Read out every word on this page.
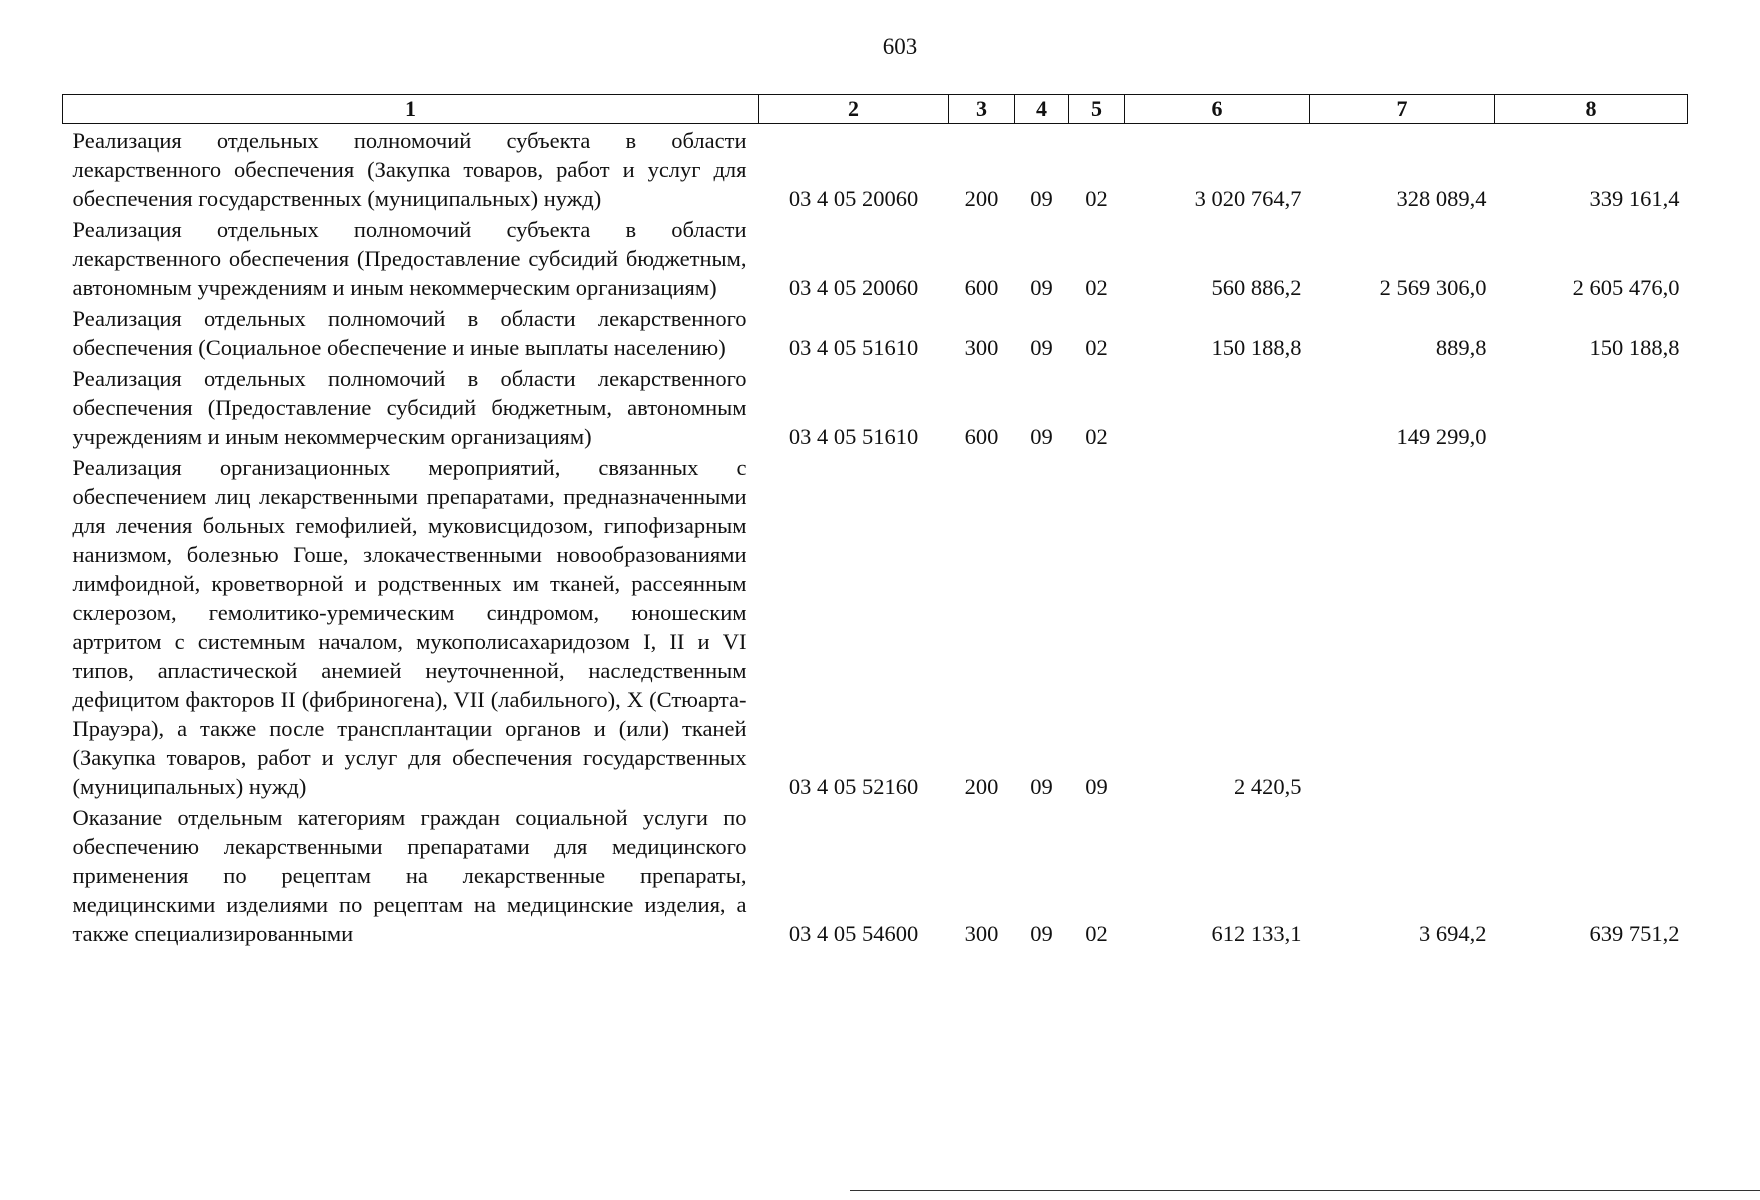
603
1	2	3	4	5	6	7	8

Реализация отдельных полномочий субъекта в области лекарственного обеспечения (Закупка товаров, работ и услуг для обеспечения государственных (муниципальных) нужд)	03 4 05 20060	200	09	02	3 020 764,7	328 089,4	339 161,4
Реализация отдельных полномочий субъекта в области лекарственного обеспечения (Предоставление субсидий бюджетным, автономным учреждениям и иным некоммерческим организациям)	03 4 05 20060	600	09	02	560 886,2	2 569 306,0	2 605 476,0
Реализация отдельных полномочий в области лекарственного обеспечения (Социальное обеспечение и иные выплаты населению)	03 4 05 51610	300	09	02	150 188,8	889,8	150 188,8
Реализация отдельных полномочий в области лекарственного обеспечения (Предоставление субсидий бюджетным, автономным учреждениям и иным некоммерческим организациям)	03 4 05 51610	600	09	02		149 299,0	
Реализация организационных мероприятий, связанных с обеспечением лиц лекарственными препаратами, предназначенными для лечения больных гемофилией, муковисцидозом, гипофизарным нанизмом, болезнью Гоше, злокачественными новообразованиями лимфоидной, кроветворной и родственных им тканей, рассеянным склерозом, гемолитико-уремическим синдромом, юношеским артритом с системным началом, мукополисахаридозом I, II и VI типов, апластической анемией неуточненной, наследственным дефицитом факторов II (фибриногена), VII (лабильного), X (Стюарта-Прауэра), а также после трансплантации органов и (или) тканей (Закупка товаров, работ и услуг для обеспечения государственных (муниципальных) нужд)	03 4 05 52160	200	09	09	2 420,5		
Оказание отдельным категориям граждан социальной услуги по обеспечению лекарственными препаратами для медицинского применения по рецептам на лекарственные препараты, медицинскими изделиями по рецептам на медицинские изделия, а также специализированными	03 4 05 54600	300	09	02	612 133,1	3 694,2	639 751,2
